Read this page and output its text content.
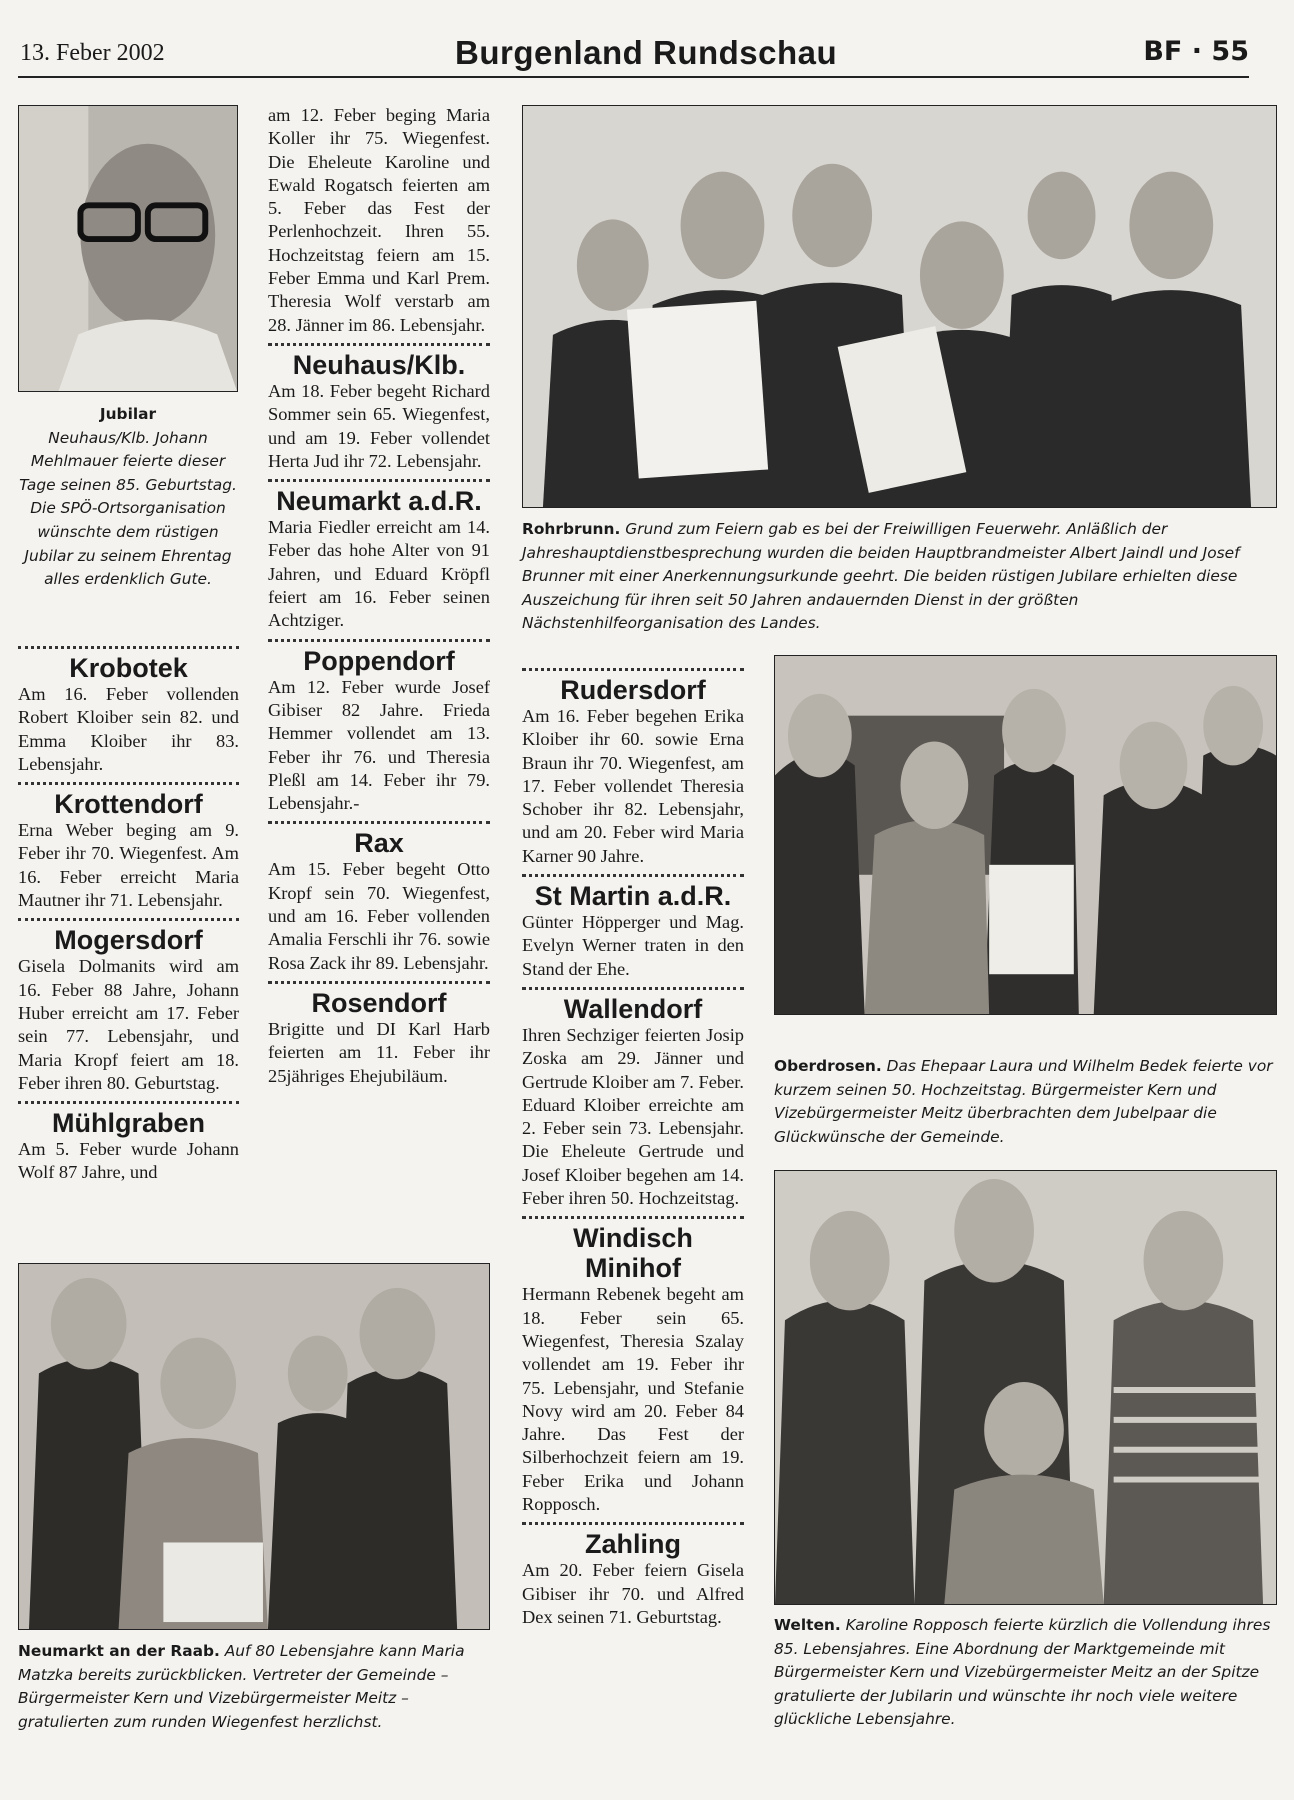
13. Feber 2002	Burgenland Rundschau	BF · 55
Jubilar
Neuhaus/Klb. Johann Mehlmauer feierte dieser Tage seinen 85. Geburtstag. Die SPÖ-Ortsorganisation wünschte dem rüstigen Jubilar zu seinem Ehrentag alles erdenklich Gute.
Krobotek
Am 16. Feber vollenden Robert Kloiber sein 82. und Emma Kloiber ihr 83. Lebensjahr.
Krottendorf
Erna Weber beging am 9. Feber ihr 70. Wiegenfest. Am 16. Feber erreicht Maria Mautner ihr 71. Lebensjahr.
Mogersdorf
Gisela Dolmanits wird am 16. Feber 88 Jahre, Johann Huber erreicht am 17. Feber sein 77. Lebensjahr, und Maria Kropf feiert am 18. Feber ihren 80. Geburtstag.
Mühlgraben
Am 5. Feber wurde Johann Wolf 87 Jahre, und
am 12. Feber beging Maria Koller ihr 75. Wiegenfest. Die Eheleute Karoline und Ewald Rogatsch feierten am 5. Feber das Fest der Perlenhochzeit. Ihren 55. Hochzeitstag feiern am 15. Feber Emma und Karl Prem. Theresia Wolf verstarb am 28. Jänner im 86. Lebensjahr.
Neuhaus/Klb.
Am 18. Feber begeht Richard Sommer sein 65. Wiegenfest, und am 19. Feber vollendet Herta Jud ihr 72. Lebensjahr.
Neumarkt a.d.R.
Maria Fiedler erreicht am 14. Feber das hohe Alter von 91 Jahren, und Eduard Kröpfl feiert am 16. Feber seinen Achtziger.
Poppendorf
Am 12. Feber wurde Josef Gibiser 82 Jahre. Frieda Hemmer vollendet am 13. Feber ihr 76. und Theresia Pleßl am 14. Feber ihr 79. Lebensjahr.-
Rax
Am 15. Feber begeht Otto Kropf sein 70. Wiegenfest, und am 16. Feber vollenden Amalia Ferschli ihr 76. sowie Rosa Zack ihr 89. Lebensjahr.
Rosendorf
Brigitte und DI Karl Harb feierten am 11. Feber ihr 25jähriges Ehejubiläum.
Rohrbrunn. Grund zum Feiern gab es bei der Freiwilligen Feuerwehr. Anläßlich der Jahreshauptdienstbesprechung wurden die beiden Hauptbrandmeister Albert Jaindl und Josef Brunner mit einer Anerkennungsurkunde geehrt. Die beiden rüstigen Jubilare erhielten diese Auszeichung für ihren seit 50 Jahren andauernden Dienst in der größten Nächstenhilfeorganisation des Landes.
Rudersdorf
Am 16. Feber begehen Erika Kloiber ihr 60. sowie Erna Braun ihr 70. Wiegenfest, am 17. Feber vollendet Theresia Schober ihr 82. Lebensjahr, und am 20. Feber wird Maria Karner 90 Jahre.
St Martin a.d.R.
Günter Höpperger und Mag. Evelyn Werner traten in den Stand der Ehe.
Wallendorf
Ihren Sechziger feierten Josip Zoska am 29. Jänner und Gertrude Kloiber am 7. Feber. Eduard Kloiber erreichte am 2. Feber sein 73. Lebensjahr. Die Eheleute Gertrude und Josef Kloiber begehen am 14. Feber ihren 50. Hochzeitstag.
Windisch Minihof
Hermann Rebenek begeht am 18. Feber sein 65. Wiegenfest, Theresia Szalay vollendet am 19. Feber ihr 75. Lebensjahr, und Stefanie Novy wird am 20. Feber 84 Jahre. Das Fest der Silberhochzeit feiern am 19. Feber Erika und Johann Ropposch.
Zahling
Am 20. Feber feiern Gisela Gibiser ihr 70. und Alfred Dex seinen 71. Geburtstag.
Oberdrosen. Das Ehepaar Laura und Wilhelm Bedek feierte vor kurzem seinen 50. Hochzeitstag. Bürgermeister Kern und Vizebürgermeister Meitz überbrachten dem Jubelpaar die Glückwünsche der Gemeinde.
Welten. Karoline Ropposch feierte kürzlich die Vollendung ihres 85. Lebensjahres. Eine Abordnung der Marktgemeinde mit Bürgermeister Kern und Vizebürgermeister Meitz an der Spitze gratulierte der Jubilarin und wünschte ihr noch viele weitere glückliche Lebensjahre.
Neumarkt an der Raab. Auf 80 Lebensjahre kann Maria Matzka bereits zurückblicken. Vertreter der Gemeinde – Bürgermeister Kern und Vizebürgermeister Meitz – gratulierten zum runden Wiegenfest herzlichst.
